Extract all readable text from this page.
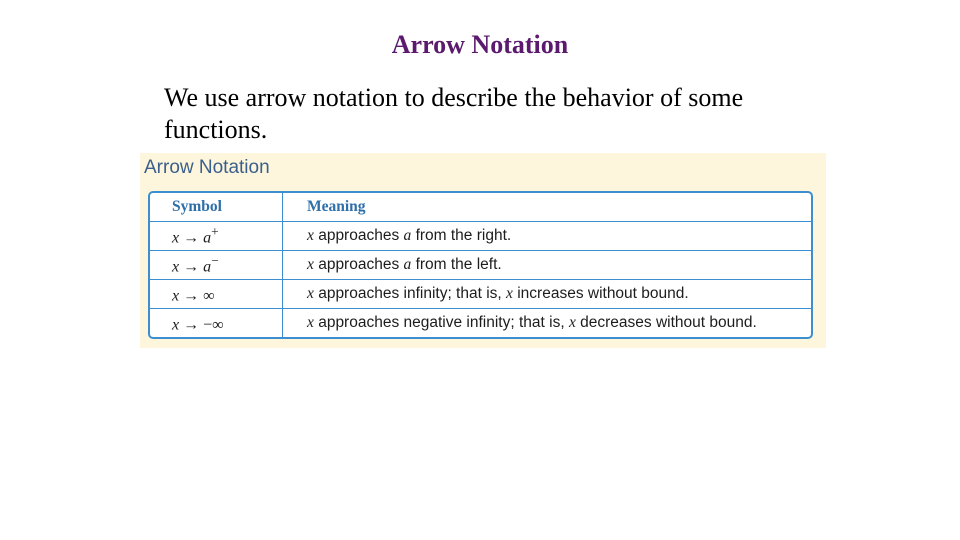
Arrow Notation
We use arrow notation to describe the behavior of some functions.
Arrow Notation
Symbol	Meaning
x → a+	x approaches a from the right.
x → a−	x approaches a from the left.
x → ∞	x approaches infinity; that is, x increases without bound.
x → −∞	x approaches negative infinity; that is, x decreases without bound.
